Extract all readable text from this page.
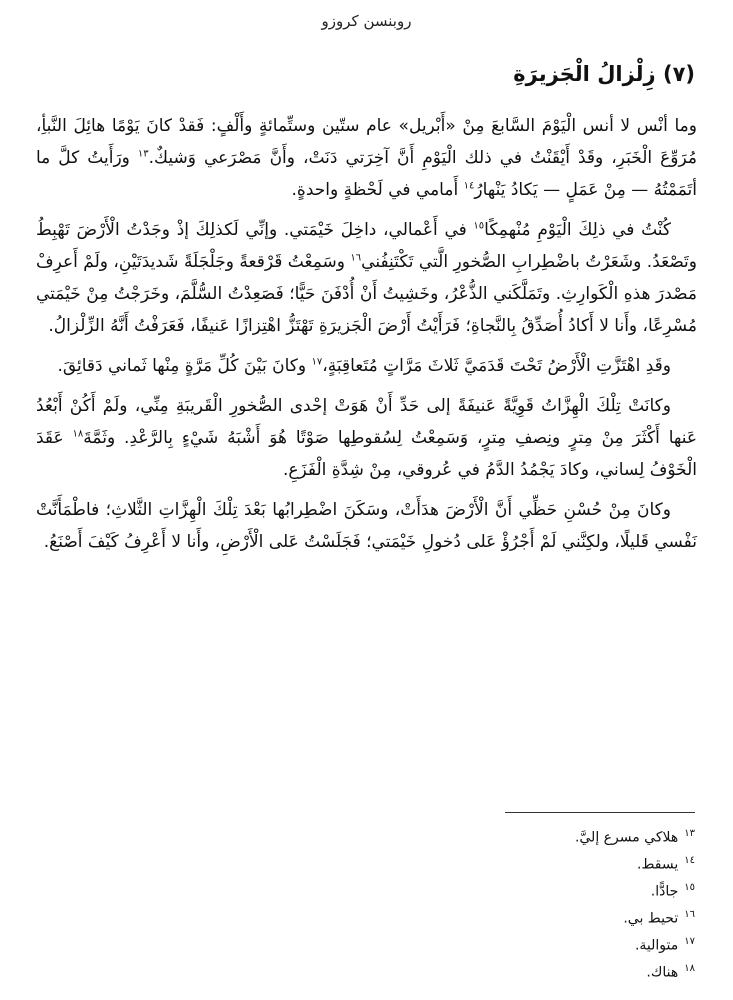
روبنسن كروزو
(٧) زِلْزالُ الْجَزيرَةِ

وما أنْس لا أنس الْيَوْمَ السَّابعَ مِنْ «أَبْريل» عام ستّين وستِّمائةٍ وأَلْفٍ: فَقدْ كانَ يَوْمًا هائِلَ النَّبأِ، مُرَوِّعَ الْخَبَرِ، وقَدْ أَيْقَنْتُ في ذلك الْيَوْمِ أَنَّ آخِرَتي دَنَتْ، وأَنَّ مَصْرَعي وَشيكٌ.$^{١٣}$ ورَأَيتُ كلَّ ما أتَمَمْتُهُ — مِنْ عَمَلٍ — يَكادُ يَنْهارُ$^{١٤}$ أَمامي في لَحْظةٍ واحدةٍ.

كُنْتُ في ذلِكَ الْيَوْمِ مُنْهمِكًا$^{١٥}$ في أَعْمالي، داخِلَ خَيْمَتي. وإنِّي لَكذلِكَ إذْ وجَدْتُ الْأَرْضَ تَهْبِطُ وتَصْعَدُ. وشَعَرْتُ باضْطِرابِ الصُّخورِ الَّتي تَكْتَنِفُني$^{١٦}$ وسَمِعْتُ قَرْقعةً وجَلْجَلَةً شَديدَتَيْنِ، ولَمْ أَعرِفْ مَصْدرَ هذهِ الْكَوارِثِ. وتَمَلَّكَني الذُّعْرُ، وخَشِيتُ أَنْ أُدْفَنَ حَيًّا؛ فَصَعِدْتُ السُّلَّمَ، وخَرَجْتُ مِنْ خَيْمَتي مُسْرِعًا، وأَنا لا أَكادُ أُصَدِّقُ بِالنَّجاةِ؛ فَرَأَيْتُ أَرْضَ الْجَزيرَةِ تَهْتَزُّ اهْتِزازًا عَنيفًا، فَعَرَفْتُ أَنَّهُ الزِّلْزالُ.

وقَدِ اهْتَزَّتِ الْأَرْضُ تَحْتَ قَدَمَيَّ ثَلاثَ مَرَّاتٍ مُتَعاقِبَةٍ،$^{١٧}$ وكانَ بَيْنَ كُلِّ مَرَّةٍ مِنْها ثَماني دَقائِقَ.

وكانَتْ تِلْكَ الْهِزَّاتُ قَوِيَّةً عَنيفَةً إلى حَدِّ أَنْ هَوَتْ إحْدى الصُّخورِ الْقَريبَةِ مِنِّي، ولَمْ أَكُنْ أَبْعُدُ عَنها أَكْثَرَ مِنْ مِترٍ ونِصفِ مِترٍ، وَسَمِعْتُ لِسُقوطِها صَوْتًا هُوَ أَشْبَهُ شَيْءٍ بِالرَّعْدِ. وثَمَّةَ$^{١٨}$ عَقَدَ الْخَوْفُ لِساني، وكادَ يَجْمُدُ الدَّمُ في عُروقي، مِنْ شِدَّةِ الْفَزَعِ.

وكانَ مِنْ حُسْنِ حَظِّي أَنَّ الْأَرْضَ هدَأَتْ، وسَكَنَ اضْطِرابُها بَعْدَ تِلْكَ الْهِزَّاتِ الثَّلاثِ؛ فاطْمَأَنَّتْ نَفْسي قَليلًا، ولكِنَّني لَمْ أَجْرُؤْ عَلى دُخولِ خَيْمَتي؛ فَجَلَسْتُ عَلى الْأَرْضِ، وأَنا لا أَعْرِفُ كَيْفَ أَصْنَعُ.

$^{١٣}$هلاكي مسرع إليَّ.
$^{١٤}$يسقط.
$^{١٥}$جادًّا.
$^{١٦}$تحيط بي.
$^{١٧}$متوالية.
$^{١٨}$هناك.
